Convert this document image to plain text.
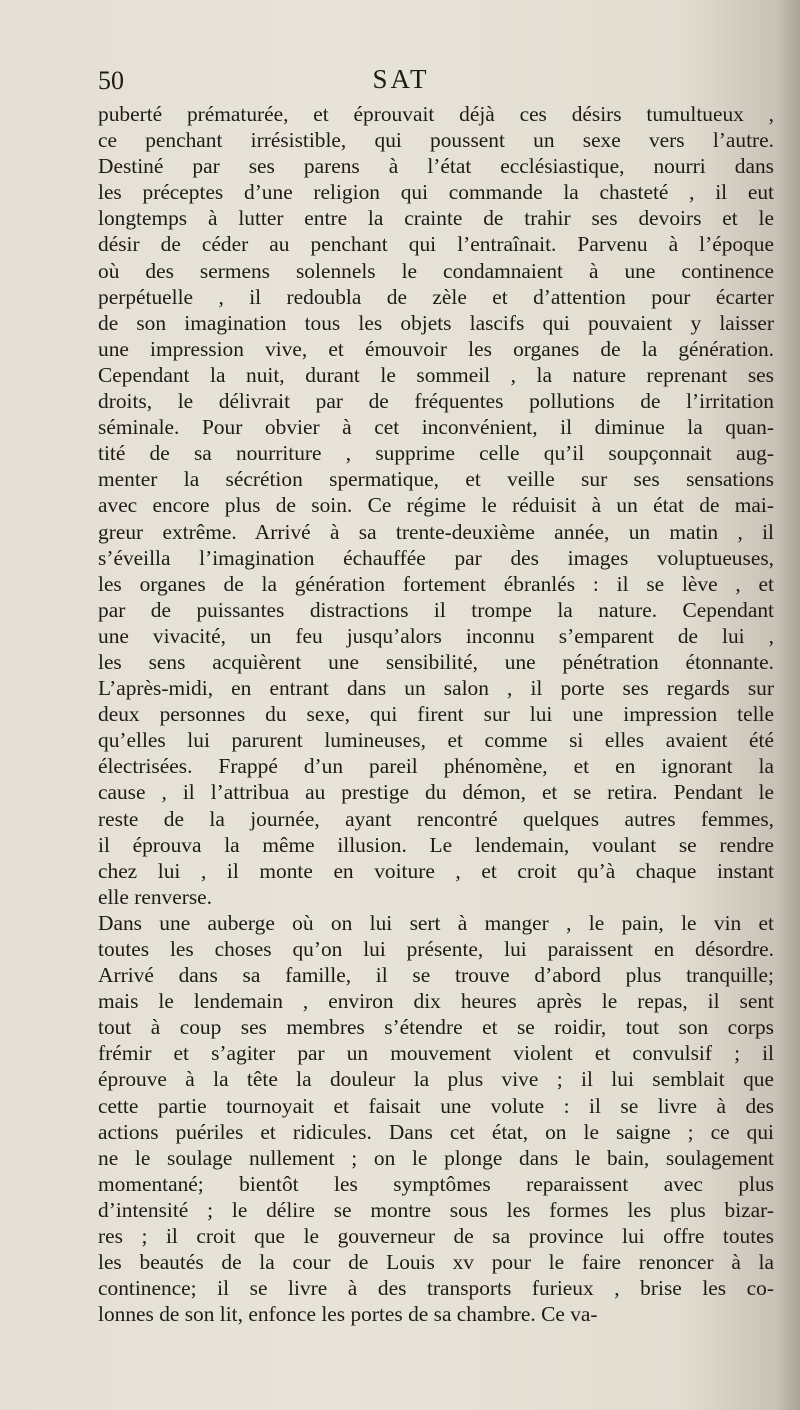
50	SAT
puberté prématurée, et éprouvait déjà ces désirs tumultueux ,
ce penchant irrésistible, qui poussent un sexe vers l’autre.
Destiné par ses parens à l’état ecclésiastique, nourri dans
les préceptes d’une religion qui commande la chasteté , il eut
longtemps à lutter entre la crainte de trahir ses devoirs et le
désir de céder au penchant qui l’entraînait. Parvenu à l’époque
où des sermens solennels le condamnaient à une continence
perpétuelle , il redoubla de zèle et d’attention pour écarter
de son imagination tous les objets lascifs qui pouvaient y laisser
une impression vive, et émouvoir les organes de la génération.
Cependant la nuit, durant le sommeil , la nature reprenant ses
droits, le délivrait par de fréquentes pollutions de l’irritation
séminale. Pour obvier à cet inconvénient, il diminue la quan-
tité de sa nourriture , supprime celle qu’il soupçonnait aug-
menter la sécrétion spermatique, et veille sur ses sensations
avec encore plus de soin. Ce régime le réduisit à un état de mai-
greur extrême. Arrivé à sa trente-deuxième année, un matin , il
s’éveilla l’imagination échauffée par des images voluptueuses,
les organes de la génération fortement ébranlés : il se lève , et
par de puissantes distractions il trompe la nature. Cependant
une vivacité, un feu jusqu’alors inconnu s’emparent de lui ,
les sens acquièrent une sensibilité, une pénétration étonnante.
L’après-midi, en entrant dans un salon , il porte ses regards sur
deux personnes du sexe, qui firent sur lui une impression telle
qu’elles lui parurent lumineuses, et comme si elles avaient été
électrisées. Frappé d’un pareil phénomène, et en ignorant la
cause , il l’attribua au prestige du démon, et se retira. Pendant le
reste de la journée, ayant rencontré quelques autres femmes,
il éprouva la même illusion. Le lendemain, voulant se rendre
chez lui , il monte en voiture , et croit qu’à chaque instant
elle renverse.
Dans une auberge où on lui sert à manger , le pain, le vin et
toutes les choses qu’on lui présente, lui paraissent en désordre.
Arrivé dans sa famille, il se trouve d’abord plus tranquille;
mais le lendemain , environ dix heures après le repas, il sent
tout à coup ses membres s’étendre et se roidir, tout son corps
frémir et s’agiter par un mouvement violent et convulsif ; il
éprouve à la tête la douleur la plus vive ; il lui semblait que
cette partie tournoyait et faisait une volute : il se livre à des
actions puériles et ridicules. Dans cet état, on le saigne ; ce qui
ne le soulage nullement ; on le plonge dans le bain, soulagement
momentané; bientôt les symptômes reparaissent avec plus
d’intensité ; le délire se montre sous les formes les plus bizar-
res ; il croit que le gouverneur de sa province lui offre toutes
les beautés de la cour de Louis xv pour le faire renoncer à la
continence; il se livre à des transports furieux , brise les co-
lonnes de son lit, enfonce les portes de sa chambre. Ce va-
